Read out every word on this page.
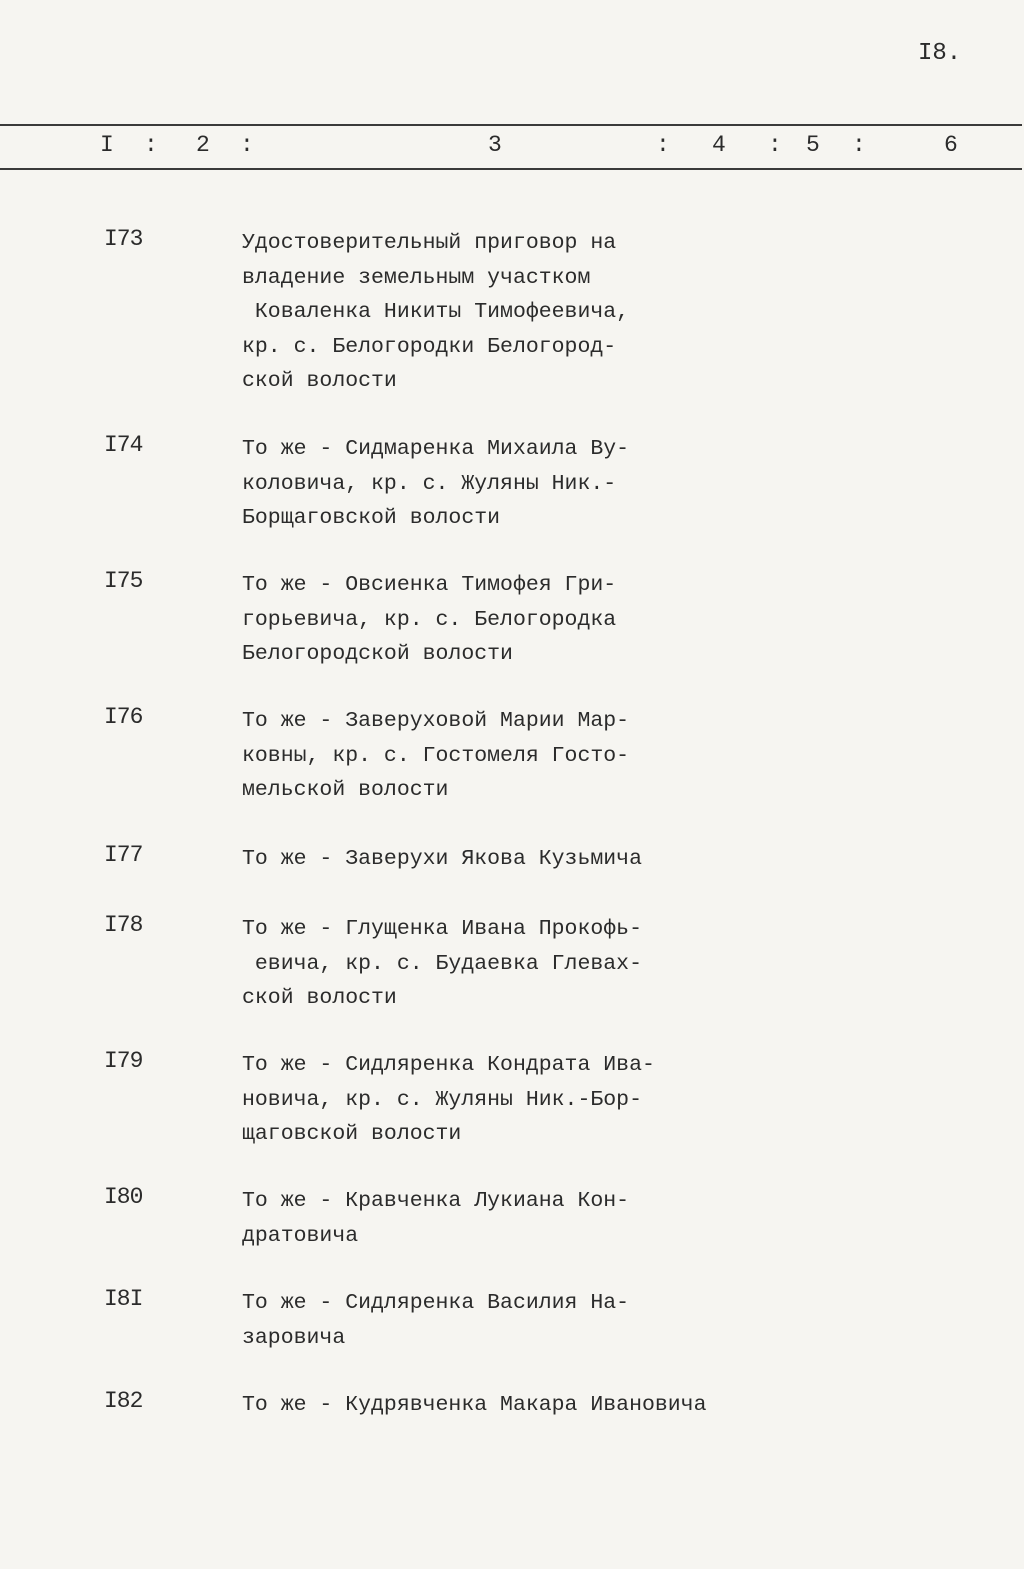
I8.
I : 2 :	3	: 4 : 5 :	6
I73	Удостоверительный приговор на
владение земельным участком
Коваленка Никиты Тимофеевича,
кр. с. Белогородки Белогород-
ской волости
I74	То же - Сидмаренка Михаила Ву-
коловича, кр. с. Жуляны Ник.-
Борщаговской волости
I75	То же - Овсиенка Тимофея Гри-
горьевича, кр. с. Белогородка
Белогородской волости
I76	То же - Заверуховой Марии Мар-
ковны, кр. с. Гостомеля Госто-
мельской волости
I77	То же - Заверухи Якова Кузьмича
I78	То же - Глущенка Ивана Прокофь-
евича, кр. с. Будаевка Глевах-
ской волости
I79	То же - Сидляренка Кондрата Ива-
новича, кр. с. Жуляны Ник.-Бор-
щаговской волости
I80	То же - Кравченка Лукиана Кон-
дратовича
I8I	То же - Сидляренка Василия На-
заровича
I82	То же - Кудрявченка Макара Ивановича
